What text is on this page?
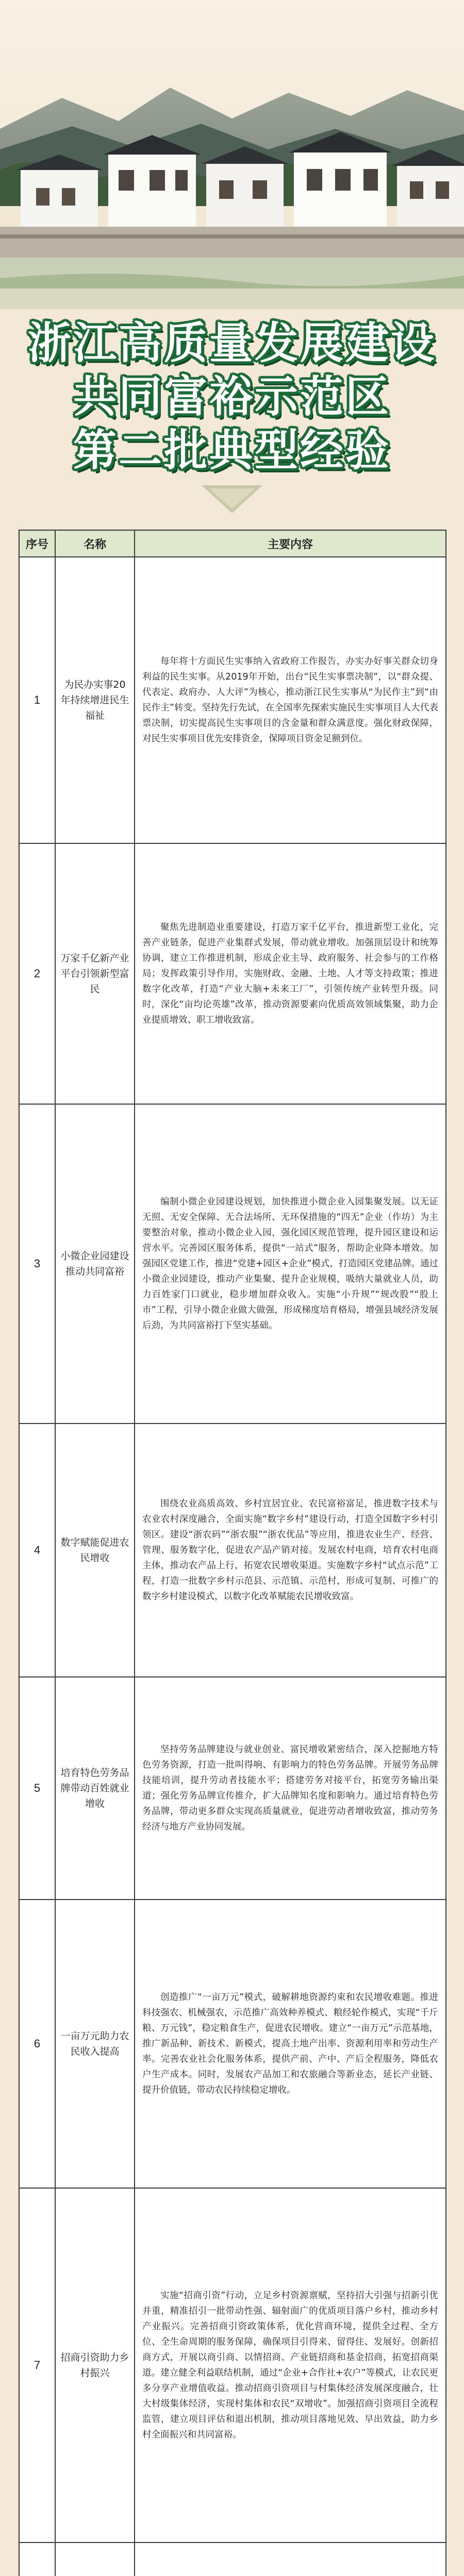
浙江高质量发展建设
共同富裕示范区
第二批典型经验
序号	名称	主要内容
1	为民办实事20年持续增进民生福祉	每年将十方面民生实事纳入省政府工作报告，办实办好事关群众切身利益的民生实事。从2019年开始，出台“民生实事票决制”，以“群众提、代表定、政府办、人大评”为核心，推动浙江民生实事从“为民作主”到“由民作主”转变。坚持先行先试，在全国率先探索实施民生实事项目人大代表票决制，切实提高民生实事项目的含金量和群众满意度。强化财政保障，对民生实事项目优先安排资金，保障项目资金足额到位。
2	万家千亿新产业平台引领新型富民	聚焦先进制造业重要建设，打造万家千亿平台，推进新型工业化，完善产业链条，促进产业集群式发展，带动就业增收。加强顶层设计和统筹协调，建立工作推进机制，形成企业主导、政府服务、社会参与的工作格局；发挥政策引导作用，实施财政、金融、土地、人才等支持政策；推进数字化改革，打造“产业大脑+未来工厂”，引领传统产业转型升级。同时，深化“亩均论英雄”改革，推动资源要素向优质高效领域集聚，助力企业提质增效、职工增收致富。
3	小微企业园建设推动共同富裕	编制小微企业园建设规划，加快推进小微企业入园集聚发展。以无证无照、无安全保障、无合法场所、无环保措施的“四无”企业（作坊）为主要整治对象，推动小微企业入园，强化园区规范管理，提升园区建设和运营水平。完善园区服务体系，提供“一站式”服务，帮助企业降本增效。加强园区党建工作，推进“党建+园区+企业”模式，打造园区党建品牌。通过小微企业园建设，推动产业集聚、提升企业规模，吸纳大量就业人员，助力百姓家门口就业，稳步增加群众收入。实施“小升规”“规改股”“股上市”工程，引导小微企业做大做强，形成梯度培育格局，增强县域经济发展后劲，为共同富裕打下坚实基础。
4	数字赋能促进农民增收	围绕农业高质高效、乡村宜居宜业、农民富裕富足，推进数字技术与农业农村深度融合，全面实施“数字乡村”建设行动，打造全国数字乡村引领区。建设“浙农码”“浙农服”“浙农优品”等应用，推进农业生产、经营、管理、服务数字化，促进农产品产销对接。发展农村电商，培育农村电商主体，推动农产品上行，拓宽农民增收渠道。实施数字乡村“试点示范”工程，打造一批数字乡村示范县、示范镇、示范村，形成可复制、可推广的数字乡村建设模式，以数字化改革赋能农民增收致富。
5	培育特色劳务品牌带动百姓就业增收	坚持劳务品牌建设与就业创业、富民增收紧密结合，深入挖掘地方特色劳务资源，打造一批叫得响、有影响力的特色劳务品牌。开展劳务品牌技能培训，提升劳动者技能水平；搭建劳务对接平台，拓宽劳务输出渠道；强化劳务品牌宣传推介，扩大品牌知名度和影响力。通过培育特色劳务品牌，带动更多群众实现高质量就业，促进劳动者增收致富，推动劳务经济与地方产业协同发展。
6	一亩万元助力农民收入提高	创造推广“一亩万元”模式，破解耕地资源约束和农民增收难题。推进科技强农、机械强农，示范推广高效种养模式、粮经轮作模式，实现“千斤粮、万元钱”，稳定粮食生产，促进农民增收。建立“一亩万元”示范基地，推广新品种、新技术、新模式，提高土地产出率、资源利用率和劳动生产率。完善农业社会化服务体系，提供产前、产中、产后全程服务，降低农户生产成本。同时，发展农产品加工和农旅融合等新业态，延长产业链、提升价值链，带动农民持续稳定增收。
7	招商引资助力乡村振兴	实施“招商引资”行动，立足乡村资源禀赋，坚持招大引强与招新引优并重，精准招引一批带动性强、辐射面广的优质项目落户乡村，推动乡村产业振兴。完善招商引资政策体系，优化营商环境，提供全过程、全方位、全生命周期的服务保障，确保项目引得来、留得住、发展好。创新招商方式，开展以商引商、以情招商、产业链招商和基金招商，拓宽招商渠道。建立健全利益联结机制，通过“企业+合作社+农户”等模式，让农民更多分享产业增值收益。推动招商引资项目与村集体经济发展深度融合，壮大村级集体经济，实现村集体和农民“双增收”。加强招商引资项目全流程监管，建立项目评估和退出机制，推动项目落地见效、早出效益，助力乡村全面振兴和共同富裕。
